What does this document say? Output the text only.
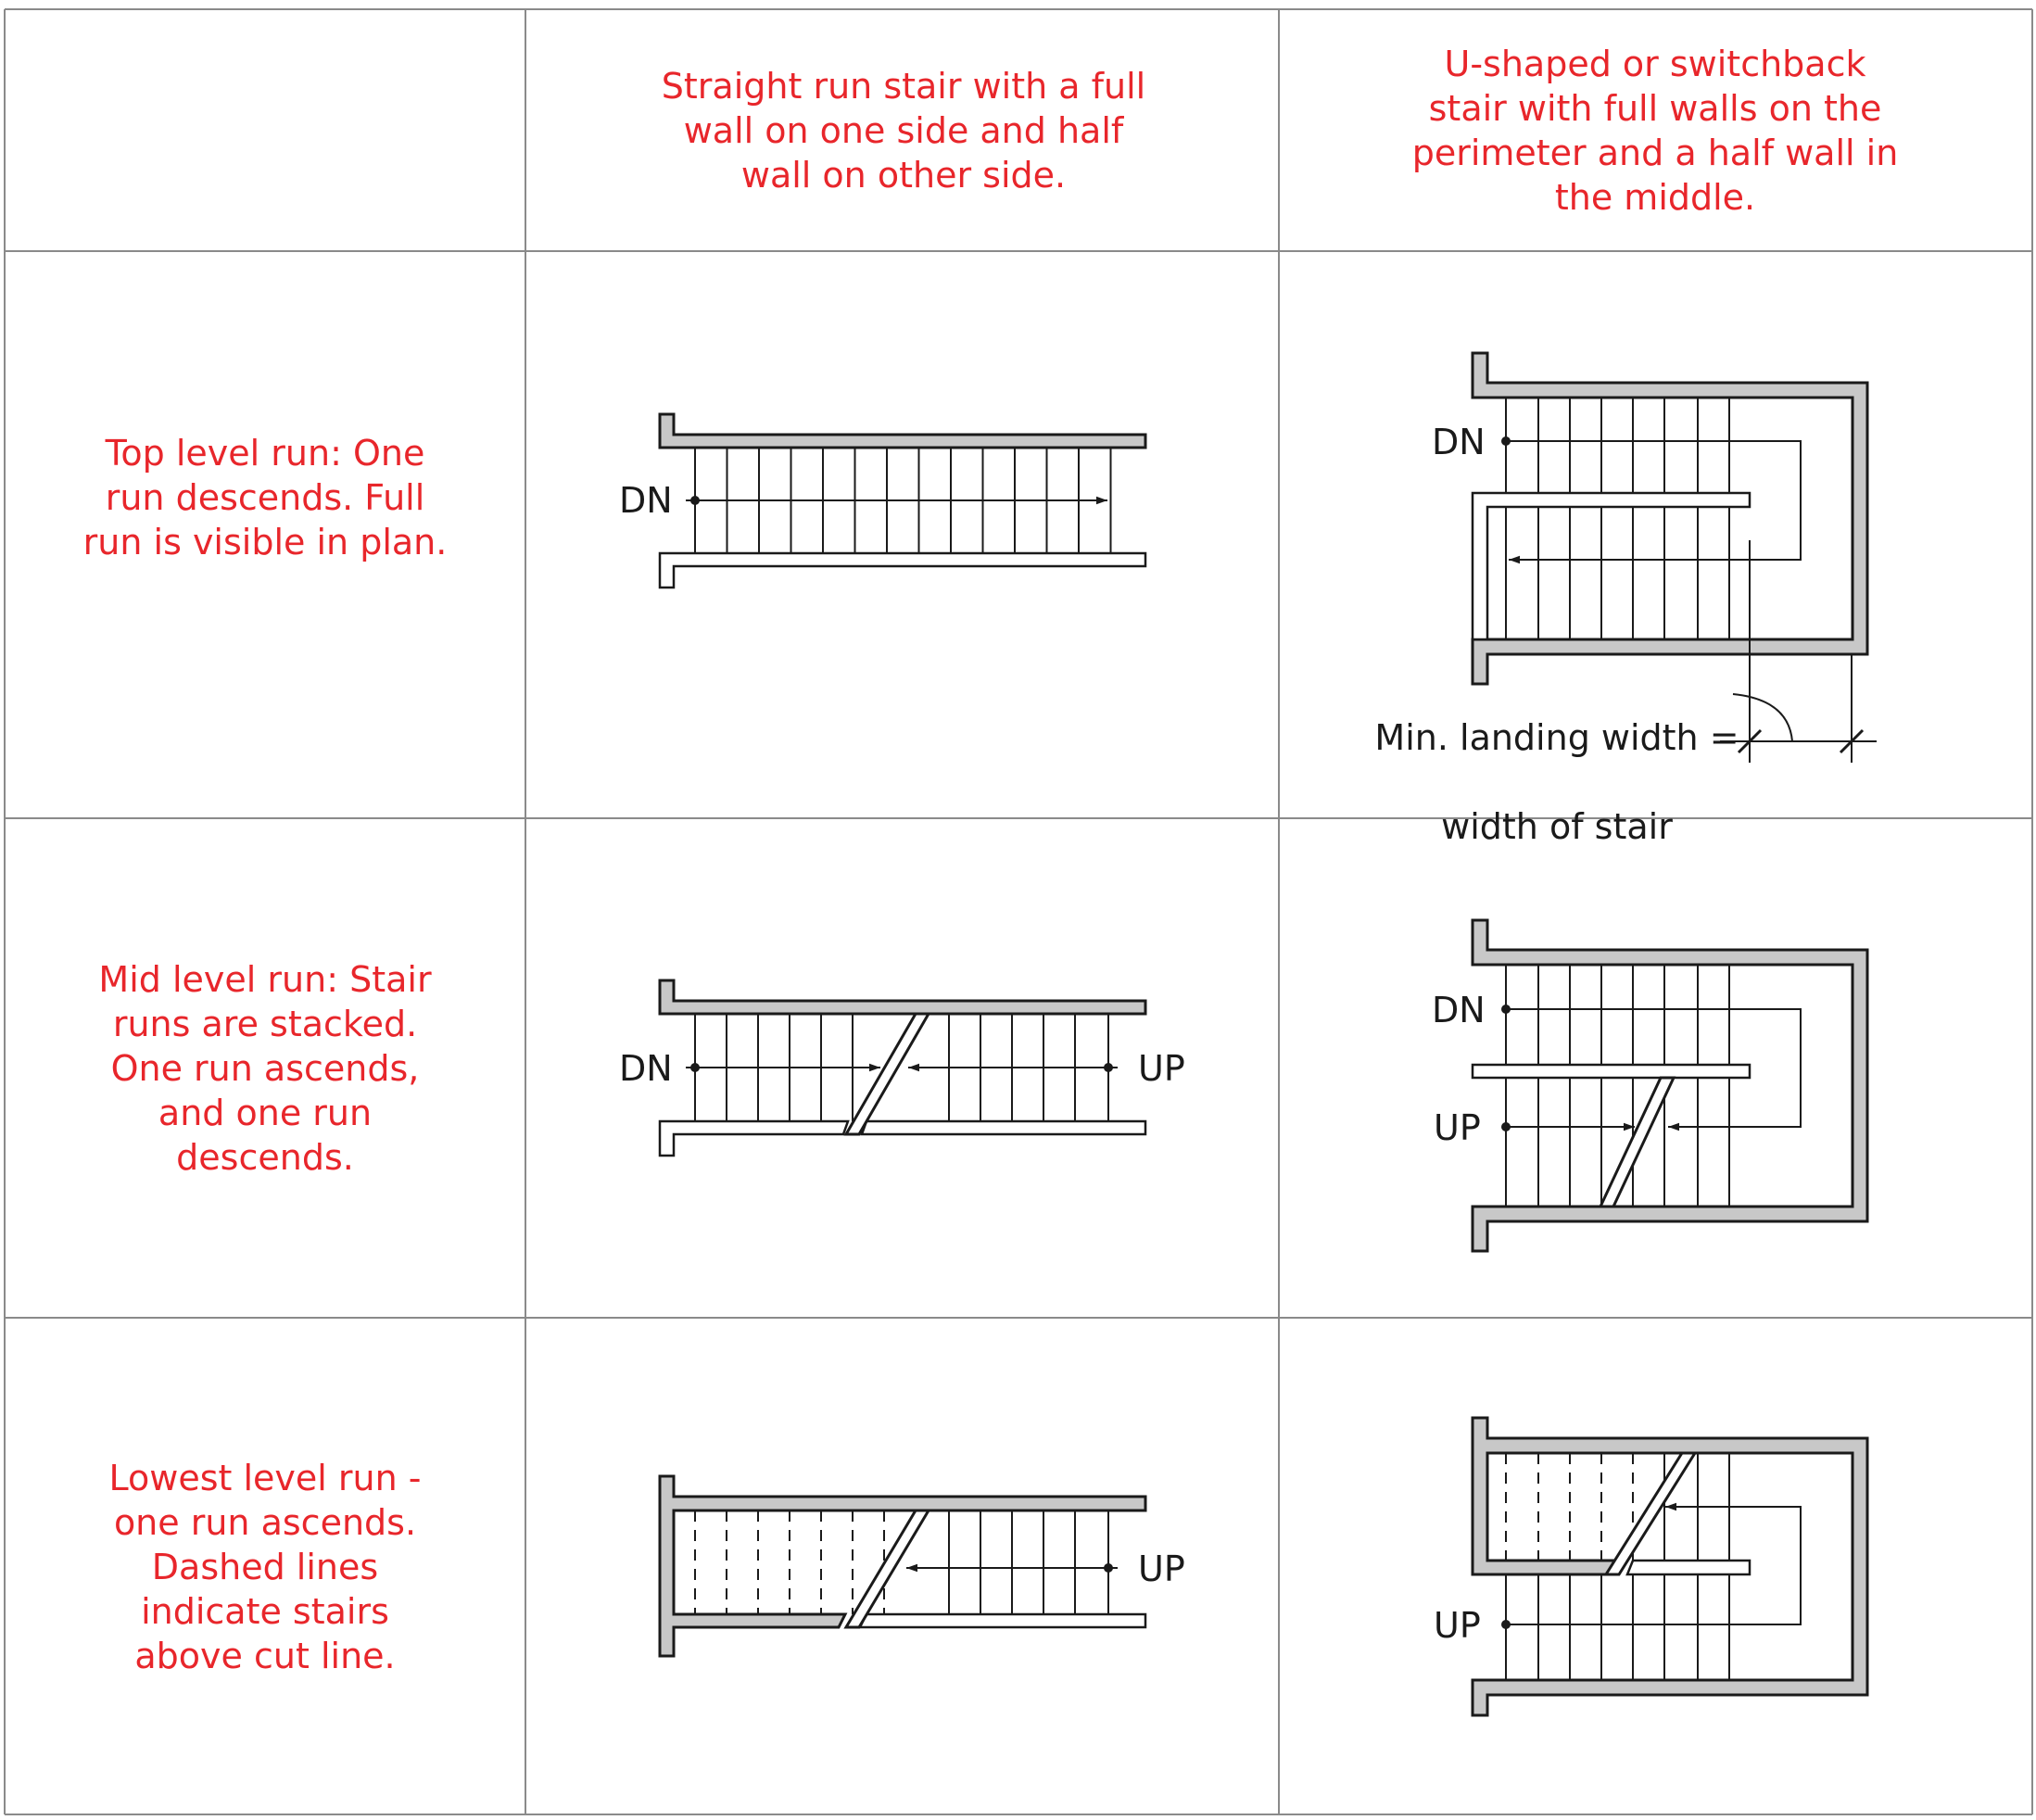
DN
DN	UP
UP
DN
DN
UP
UP
Straight run stair with a full
wall on one side and half
wall on other side.
U-shaped or switchback
stair with full walls on the
perimeter and a half wall in
the middle.
Top level run: One
run descends. Full
run is visible in plan.
Mid level run: Stair
runs are stacked.
One run ascends,
and one run
descends.
Lowest level run -
one run ascends.
Dashed lines
indicate stairs
above cut line.

Min. landing width =

width of stair
